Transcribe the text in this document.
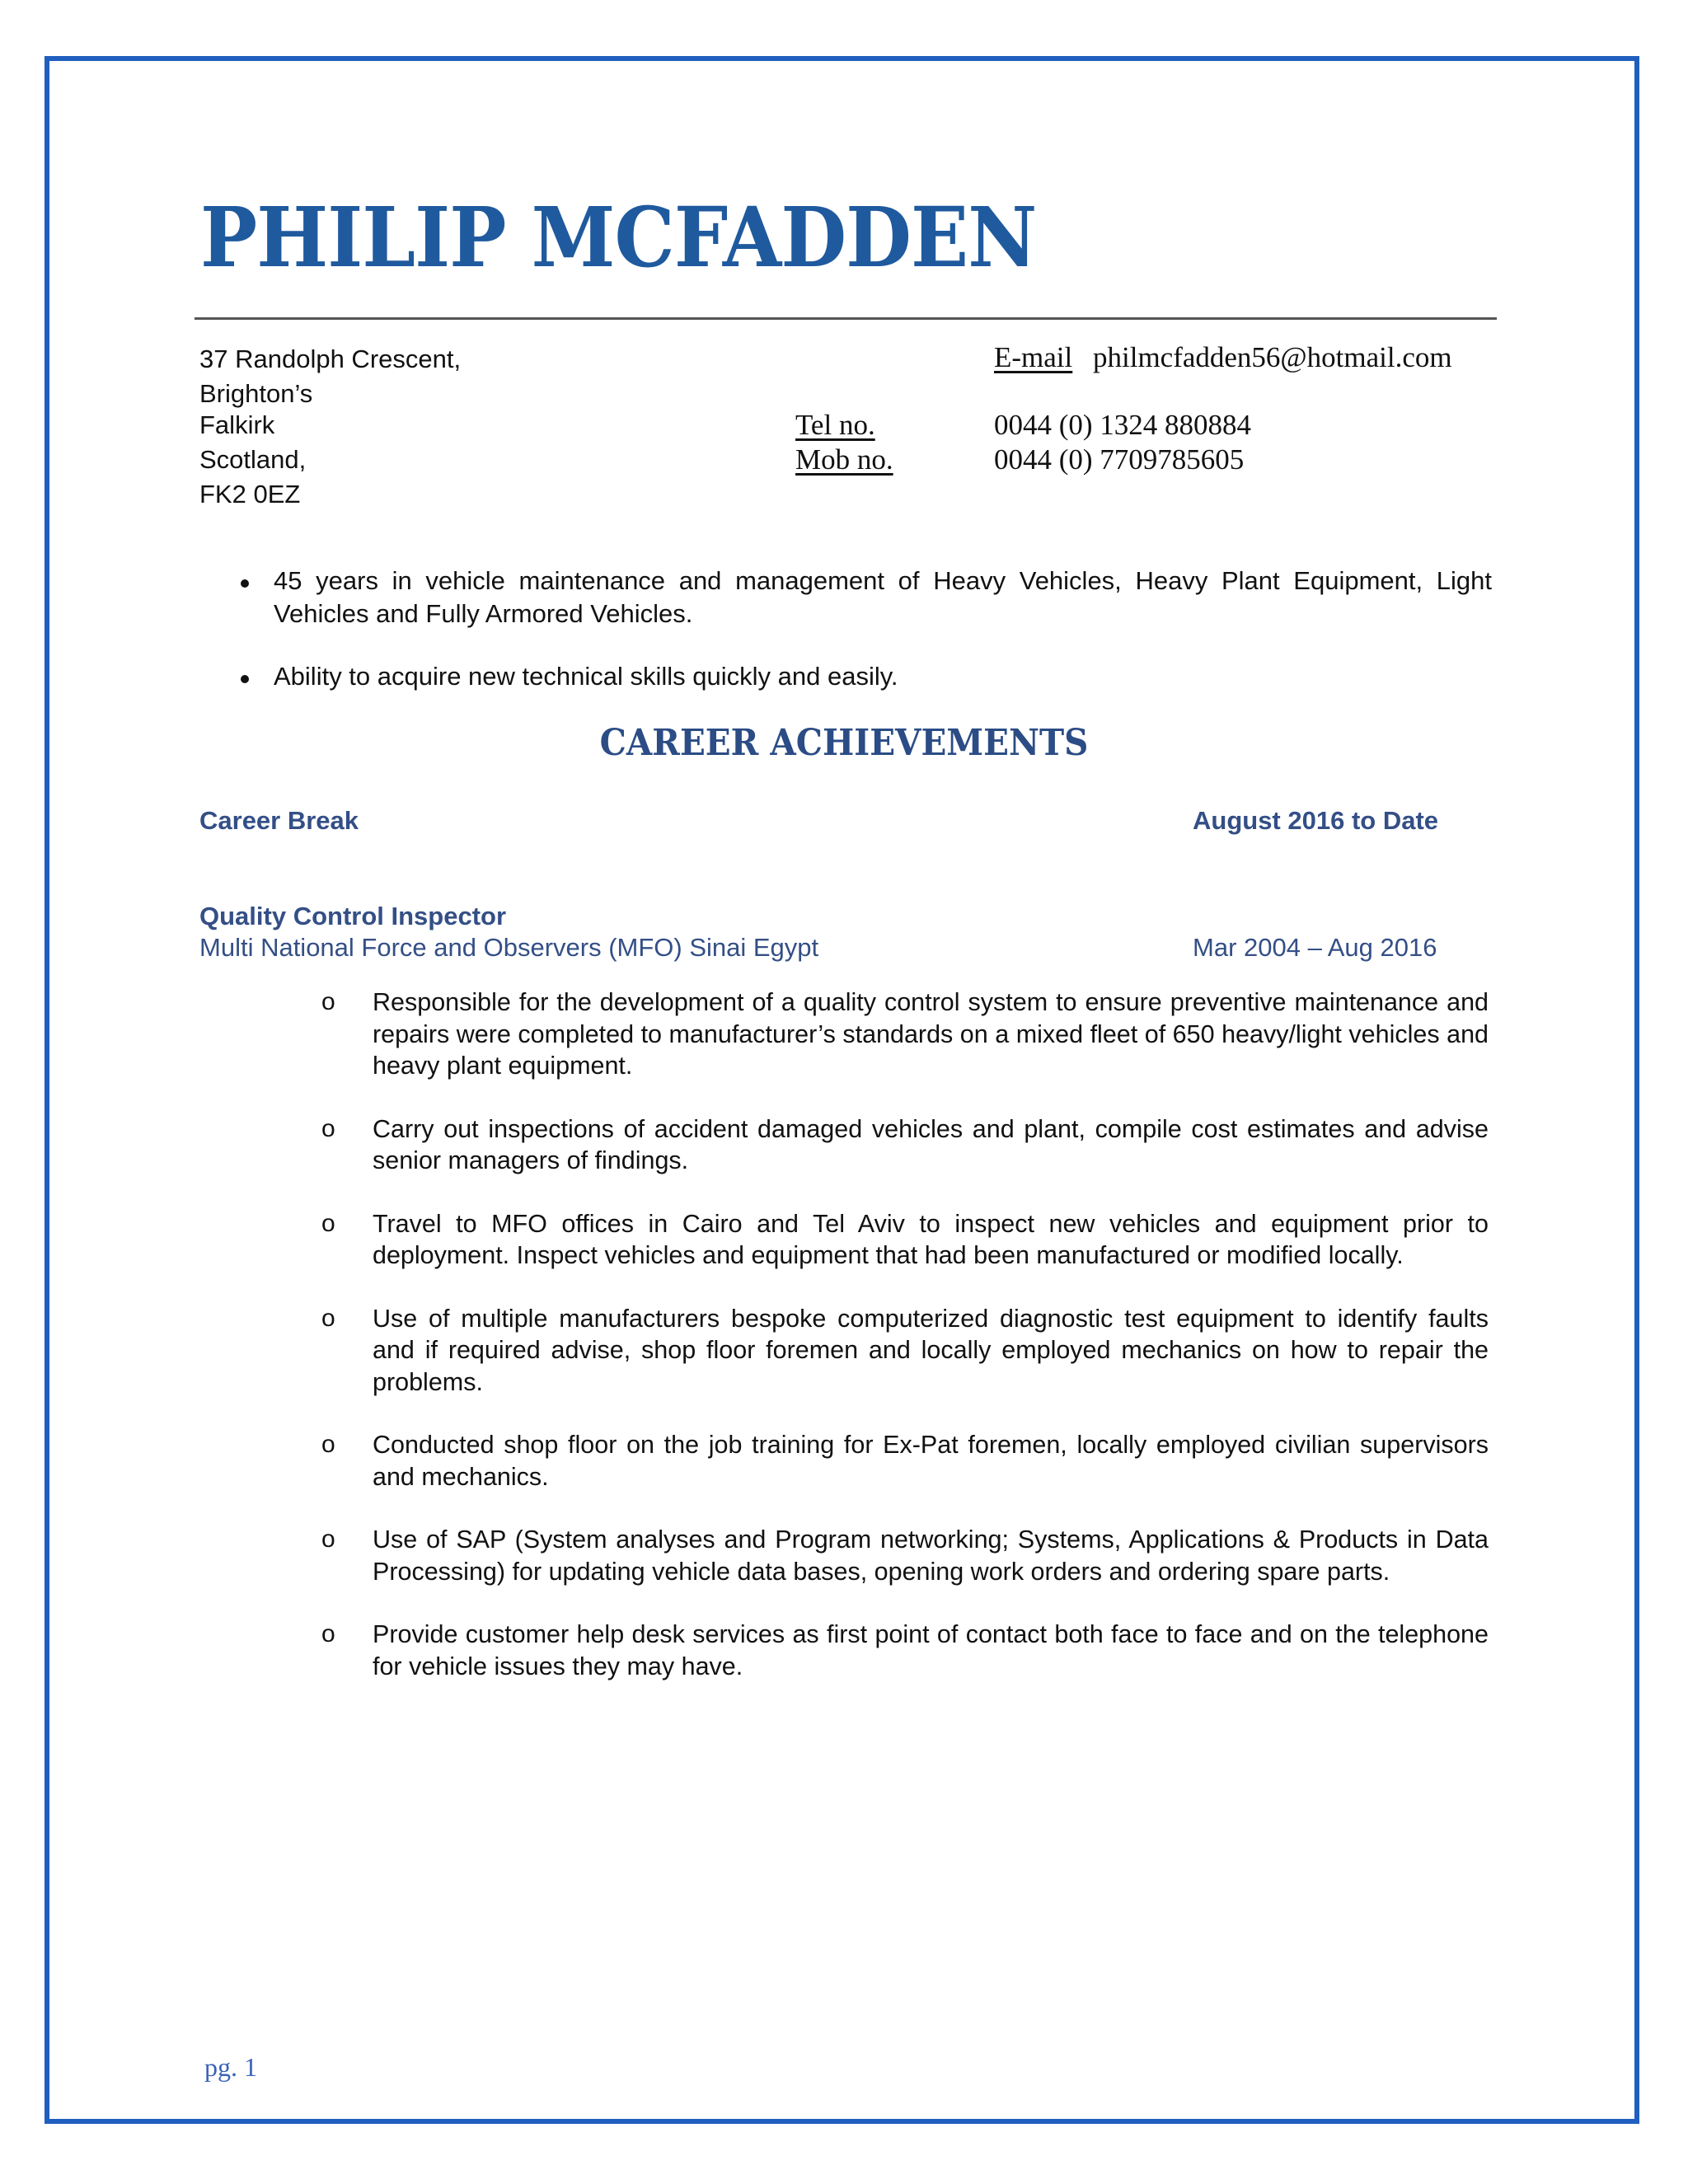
PHILIP MCFADDEN

37 Randolph Crescent,

Brighton’s

Falkirk

Scotland,

FK2 0EZ

E-mail philmcfadden56@hotmail.com

Tel no.	0044 (0) 1324 880884

Mob no.	0044 (0) 7709785605

45 years in vehicle maintenance and management of Heavy Vehicles, Heavy Plant Equipment, Light Vehicles and Fully Armored Vehicles.
Ability to acquire new technical skills quickly and easily.
CAREER ACHIEVEMENTS

Career Break	August 2016 to Date

Quality Control Inspector

Multi National Force and Observers (MFO) Sinai Egypt	Mar 2004 – Aug 2016

o Responsible for the development of a quality control system to ensure preventive maintenance and repairs were completed to manufacturer’s standards on a mixed fleet of 650 heavy/light vehicles and heavy plant equipment.
o Carry out inspections of accident damaged vehicles and plant, compile cost estimates and advise senior managers of findings.
o Travel to MFO offices in Cairo and Tel Aviv to inspect new vehicles and equipment prior to deployment. Inspect vehicles and equipment that had been manufactured or modified locally.
o Use of multiple manufacturers bespoke computerized diagnostic test equipment to identify faults and if required advise, shop floor foremen and locally employed mechanics on how to repair the problems.
o Conducted shop floor on the job training for Ex-Pat foremen, locally employed civilian supervisors and mechanics.
o Use of SAP (System analyses and Program networking; Systems, Applications & Products in Data Processing) for updating vehicle data bases, opening work orders and ordering spare parts.
o Provide customer help desk services as first point of contact both face to face and on the telephone for vehicle issues they may have.

pg. 1
